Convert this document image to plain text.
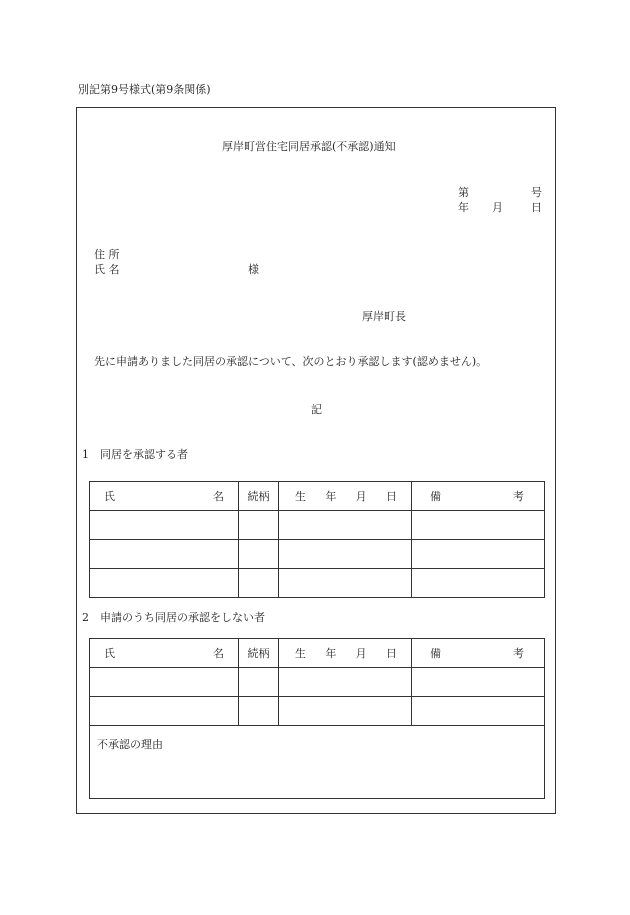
別記第9号様式(第9条関係)
厚岸町営住宅同居承認(不承認)通知
第	号
年 月	日
住 所
氏 名	様
厚岸町長
先に申請ありました同居の承認について、次のとおり承認します(認めません)。
記
1　同居を承認する者
氏 名	続柄	生 年 月 日	備 考

2　申請のうち同居の承認をしない者
氏 名	続柄	生 年 月 日	備 考

不承認の理由			
